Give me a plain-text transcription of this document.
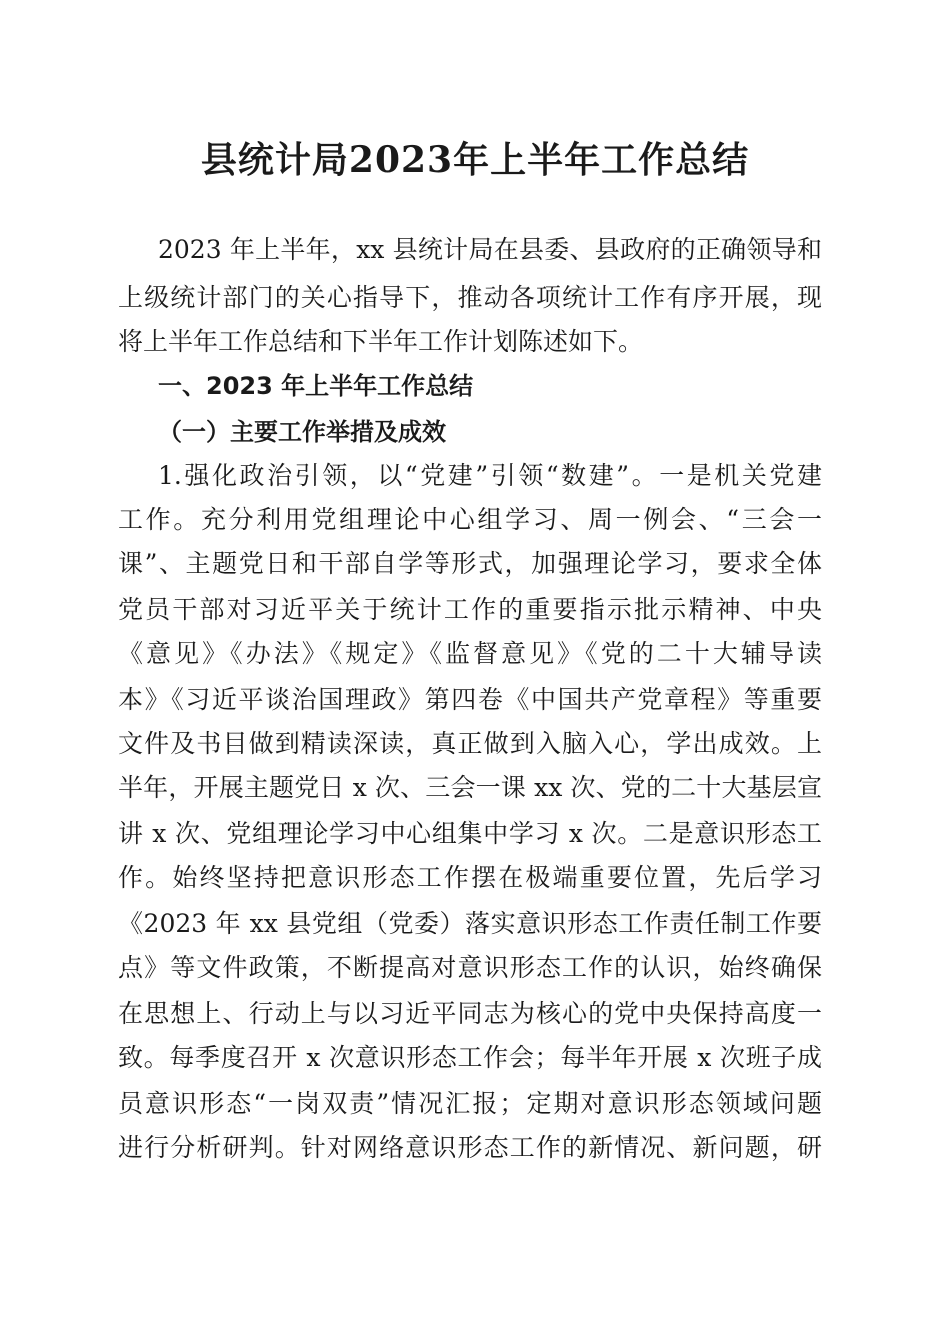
县统计局2023年上半年工作总结
2023 年上半年，xx 县统计局在县委、县政府的正确领导和
上级统计部门的关心指导下，推动各项统计工作有序开展，现
将上半年工作总结和下半年工作计划陈述如下。
一、2023 年上半年工作总结
（一）主要工作举措及成效
1.强化政治引领，以“党建”引领“数建”。一是机关党建
工作。充分利用党组理论中心组学习、周一例会、“三会一
课”、主题党日和干部自学等形式，加强理论学习，要求全体
党员干部对习近平关于统计工作的重要指示批示精神、中央
《意见》《办法》《规定》《监督意见》《党的二十大辅导读
本》《习近平谈治国理政》第四卷《中国共产党章程》等重要
文件及书目做到精读深读，真正做到入脑入心，学出成效。上
半年，开展主题党日 x 次、三会一课 xx 次、党的二十大基层宣
讲 x 次、党组理论学习中心组集中学习 x 次。二是意识形态工
作。始终坚持把意识形态工作摆在极端重要位置，先后学习
《2023 年 xx 县党组（党委）落实意识形态工作责任制工作要
点》等文件政策，不断提高对意识形态工作的认识，始终确保
在思想上、行动上与以习近平同志为核心的党中央保持高度一
致。每季度召开 x 次意识形态工作会；每半年开展 x 次班子成
员意识形态“一岗双责”情况汇报；定期对意识形态领域问题
进行分析研判。针对网络意识形态工作的新情况、新问题，研
